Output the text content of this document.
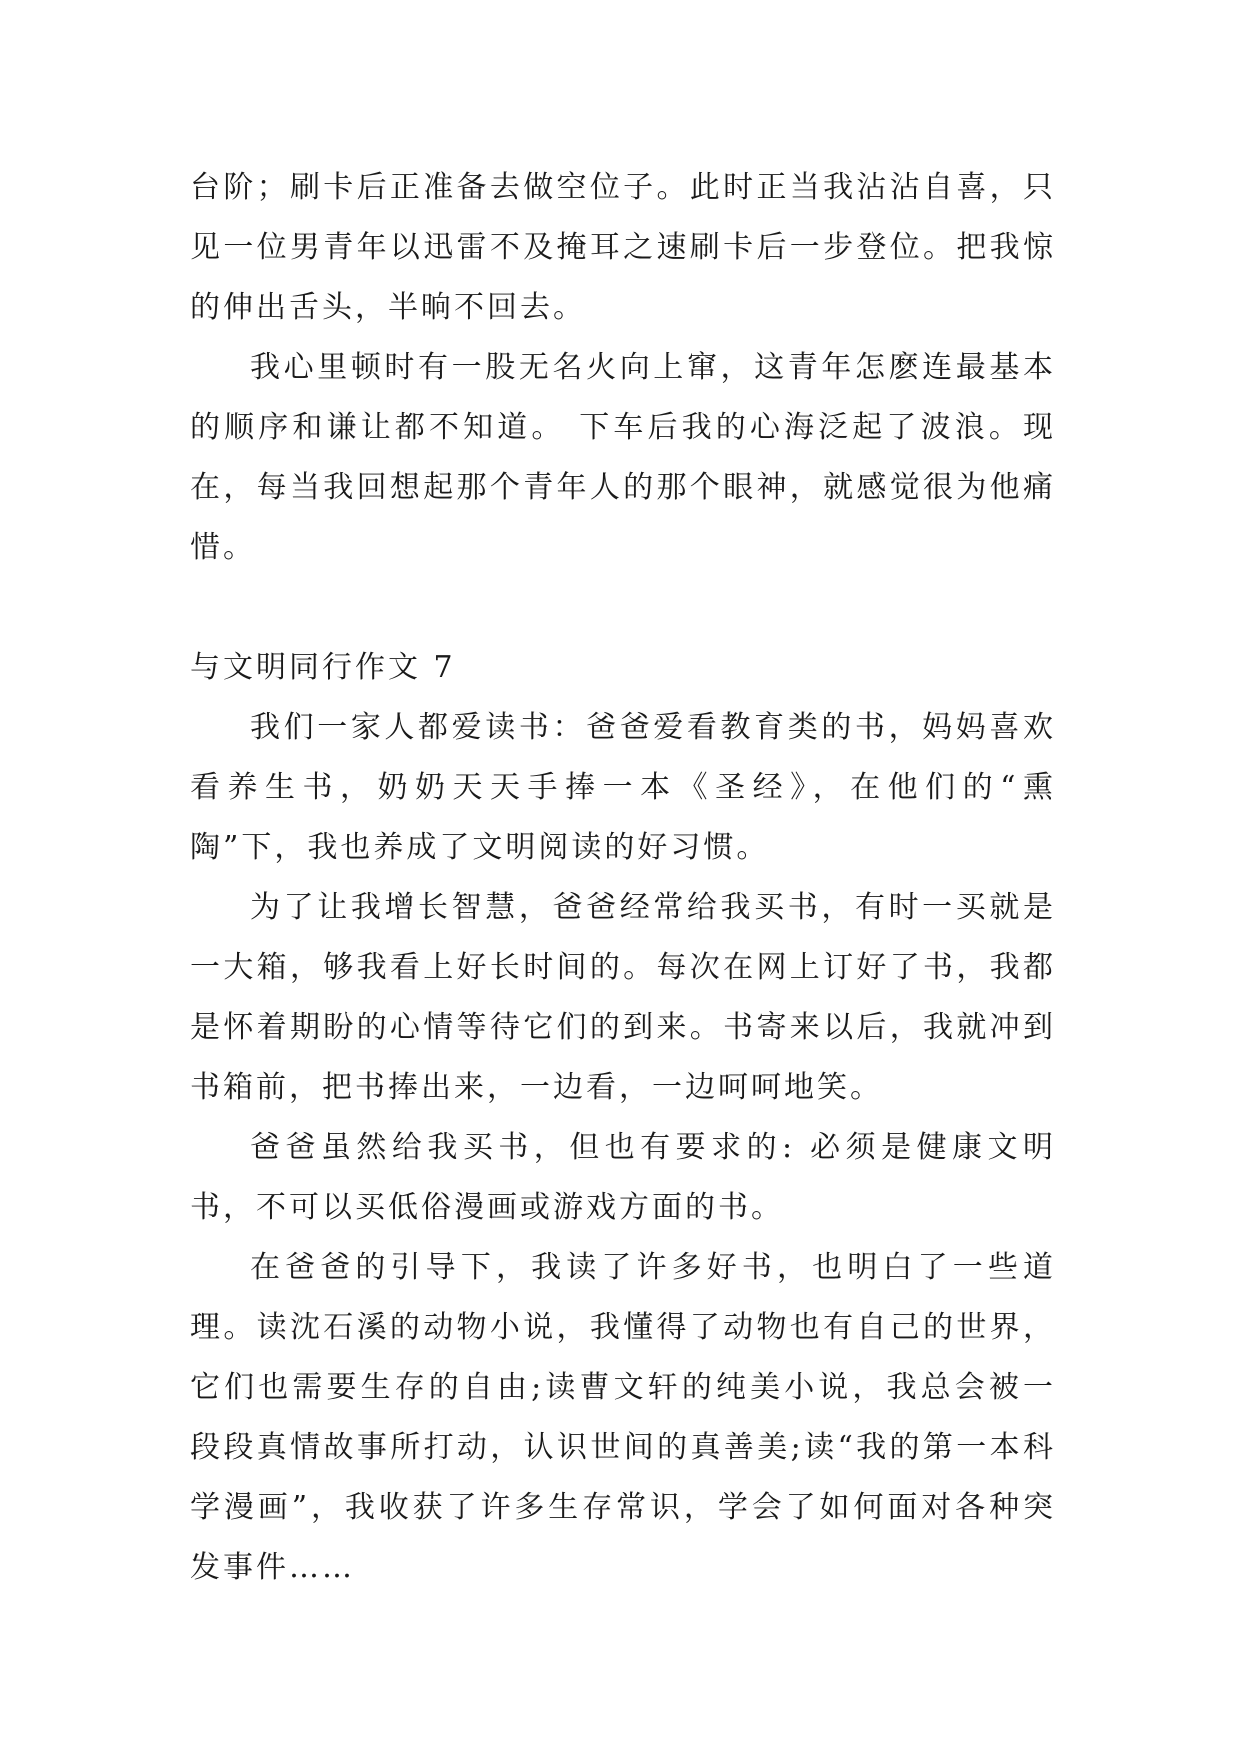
台阶；刷卡后正准备去做空位子。此时正当我沾沾自喜，只见一位男青年以迅雷不及掩耳之速刷卡后一步登位。把我惊的伸出舌头，半晌不回去。

我心里顿时有一股无名火向上窜，这青年怎麽连最基本的顺序和谦让都不知道。 下车后我的心海泛起了波浪。现在，每当我回想起那个青年人的那个眼神，就感觉很为他痛惜。

与文明同行作文 7

我们一家人都爱读书：爸爸爱看教育类的书，妈妈喜欢看养生书，奶奶天天手捧一本《圣经》，在他们的“熏陶”下，我也养成了文明阅读的好习惯。

为了让我增长智慧，爸爸经常给我买书，有时一买就是一大箱，够我看上好长时间的。每次在网上订好了书，我都是怀着期盼的心情等待它们的到来。书寄来以后，我就冲到书箱前，把书捧出来，一边看，一边呵呵地笑。

爸爸虽然给我买书，但也有要求的: 必须是健康文明书，不可以买低俗漫画或游戏方面的书。

在爸爸的引导下，我读了许多好书，也明白了一些道理。读沈石溪的动物小说，我懂得了动物也有自己的世界，它们也需要生存的自由;读曹文轩的纯美小说，我总会被一段段真情故事所打动，认识世间的真善美;读“我的第一本科学漫画”，我收获了许多生存常识，学会了如何面对各种突发事件……
